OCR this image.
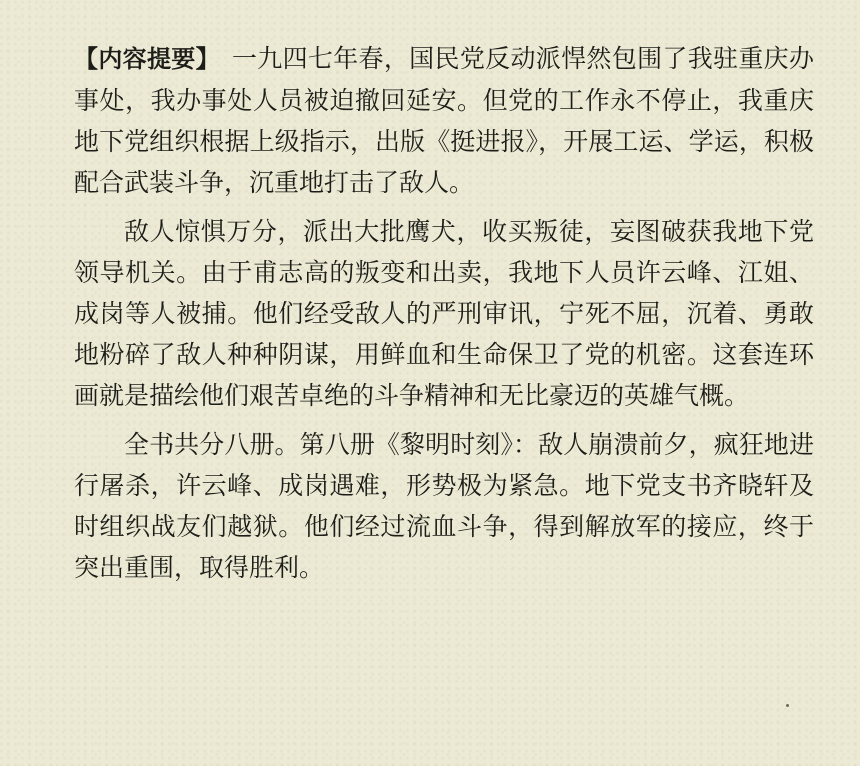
【内容提要】 一九四七年春，国民党反动派悍然包围了我驻重庆办事处，我办事处人员被迫撤回延安。但党的工作永不停止，我重庆地下党组织根据上级指示，出版《挺进报》，开展工运、学运，积极配合武装斗争，沉重地打击了敌人。

敌人惊惧万分，派出大批鹰犬，收买叛徒，妄图破获我地下党领导机关。由于甫志高的叛变和出卖，我地下人员许云峰、江姐、成岗等人被捕。他们经受敌人的严刑审讯，宁死不屈，沉着、勇敢地粉碎了敌人种种阴谋，用鲜血和生命保卫了党的机密。这套连环画就是描绘他们艰苦卓绝的斗争精神和无比豪迈的英雄气概。

全书共分八册。第八册《黎明时刻》：敌人崩溃前夕，疯狂地进行屠杀，许云峰、成岗遇难，形势极为紧急。地下党支书齐晓轩及时组织战友们越狱。他们经过流血斗争，得到解放军的接应，终于突出重围，取得胜利。
